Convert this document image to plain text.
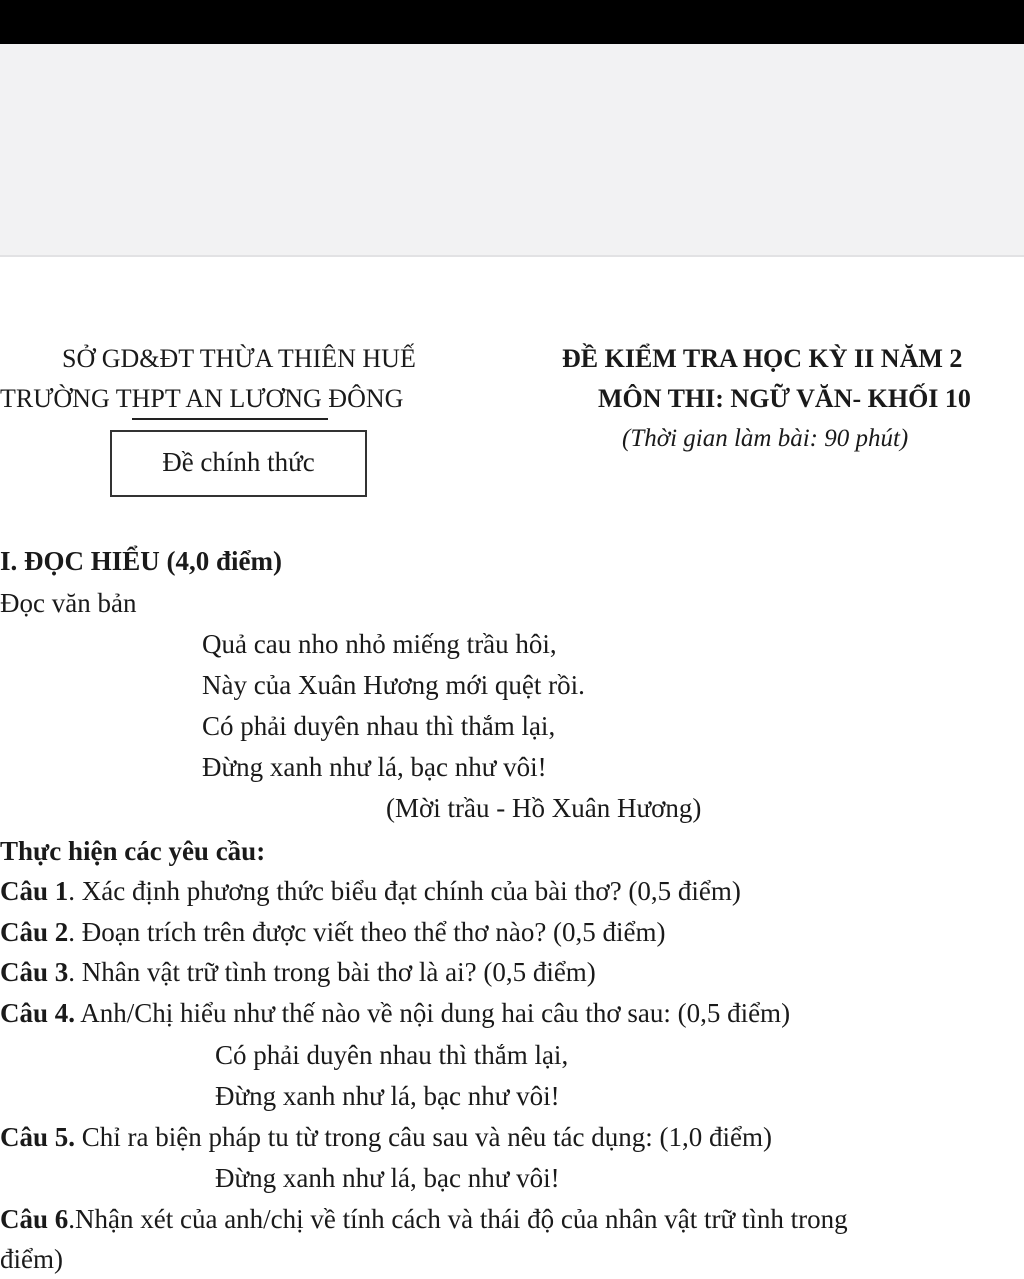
SỞ GD&ĐT THỪA THIÊN HUẾ
TRƯỜNG THPT AN LƯƠNG ĐÔNG
Đề chính thức
ĐỀ KIỂM TRA HỌC KỲ II NĂM 2
MÔN THI: NGỮ VĂN- KHỐI 10
(Thời gian làm bài: 90 phút)
I. ĐỌC HIỂU (4,0 điểm)
Đọc văn bản
Quả cau nho nhỏ miếng trầu hôi,
Này của Xuân Hương mới quệt rồi.
Có phải duyên nhau thì thắm lại,
Đừng xanh như lá, bạc như vôi!
(Mời trầu - Hồ Xuân Hương)
Thực hiện các yêu cầu:
Câu 1. Xác định phương thức biểu đạt chính của bài thơ? (0,5 điểm)
Câu 2. Đoạn trích trên được viết theo thể thơ nào? (0,5 điểm)
Câu 3. Nhân vật trữ tình trong bài thơ là ai? (0,5 điểm)
Câu 4. Anh/Chị hiểu như thế nào về nội dung hai câu thơ sau: (0,5 điểm)
Có phải duyên nhau thì thắm lại,
Đừng xanh như lá, bạc như vôi!
Câu 5. Chỉ ra biện pháp tu từ trong câu sau và nêu tác dụng: (1,0 điểm)
Đừng xanh như lá, bạc như vôi!
Câu 6.Nhận xét của anh/chị về tính cách và thái độ của nhân vật trữ tình trong
điểm)
